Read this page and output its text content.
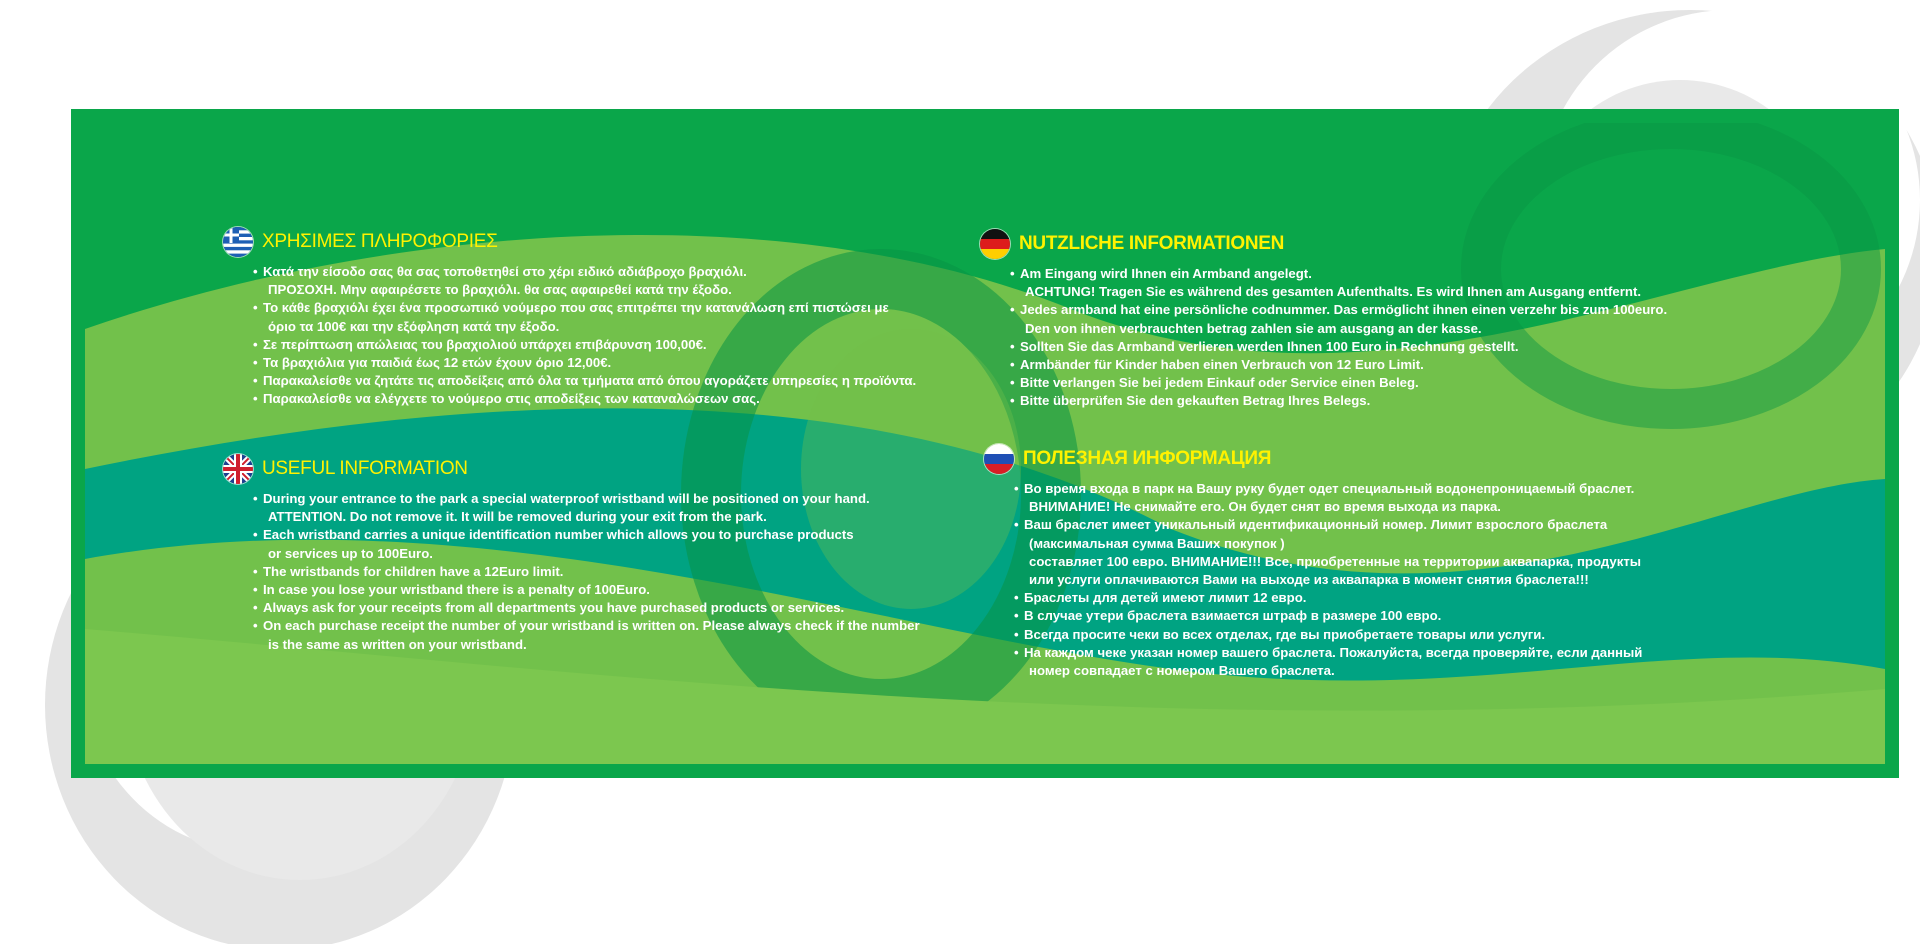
ΧΡΗΣΙΜΕΣ ΠΛΗΡΟΦΟΡΙΕΣ
• Κατά την είσοδο σας θα σας τοποθετηθεί στο χέρι ειδικό αδιάβροχο βραχιόλι.
ΠΡΟΣΟΧΗ. Μην αφαιρέσετε το βραχιόλι. θα σας αφαιρεθεί κατά την έξοδο.
• Το κάθε βραχιόλι έχει ένα προσωπικό νούμερο που σας επιτρέπει την κατανάλωση επί πιστώσει με
όριο τα 100€ και την εξόφληση κατά την έξοδο.
• Σε περίπτωση απώλειας του βραχιολιού υπάρχει επιβάρυνση 100,00€.
• Τα βραχιόλια για παιδιά έως 12 ετών έχουν όριο 12,00€.
• Παρακαλείσθε να ζητάτε τις αποδείξεις από όλα τα τμήματα από όπου αγοράζετε υπηρεσίες η προϊόντα.
• Παρακαλείσθε να ελέγχετε το νούμερο στις αποδείξεις των καταναλώσεων σας.
USEFUL INFORMATION
• During your entrance to the park a special waterproof wristband will be positioned on your hand.
ATTENTION. Do not remove it. It will be removed during your exit from the park.
• Each wristband carries a unique identification number which allows you to purchase products
or services up to 100Euro.
• The wristbands for children have a 12Euro limit.
• In case you lose your wristband there is a penalty of 100Euro.
• Always ask for your receipts from all departments you have purchased products or services.
• On each purchase receipt the number of your wristband is written on. Please always check if the number
is the same as written on your wristband.
NUTZLICHE INFORMATIONEN
• Am Eingang wird Ihnen ein Armband angelegt.
ACHTUNG! Tragen Sie es während des gesamten Aufenthalts. Es wird Ihnen am Ausgang entfernt.
• Jedes armband hat eine persönliche codnummer. Das ermöglicht ihnen einen verzehr bis zum 100euro.
Den von ihnen verbrauchten betrag zahlen sie am ausgang an der kasse.
• Sollten Sie das Armband verlieren werden Ihnen 100 Euro in Rechnung gestellt.
• Armbänder für Kinder haben einen Verbrauch von 12 Euro Limit.
• Bitte verlangen Sie bei jedem Einkauf oder Service einen Beleg.
• Bitte überprüfen Sie den gekauften Betrag Ihres Belegs.
ПОЛЕЗНАЯ ИНФОРМАЦИЯ
• Во время входа в парк на Вашу руку будет одет специальный водонепроницаемый браслет.
ВНИМАНИЕ! Не снимайте его. Он будет снят во время выхода из парка.
• Ваш браслет имеет уникальный идентификационный номер. Лимит взрослого браслета
(максимальная сумма Ваших покупок )
составляет 100 евро. ВНИМАНИЕ!!! Все, приобретенные на территории аквапарка, продукты
или услуги оплачиваются Вами на выходе из аквапарка в момент снятия браслета!!!
• Браслеты для детей имеют лимит 12 евро.
• В случае утери браслета взимается штраф в размере 100 евро.
• Всегда просите чеки во всех отделах, где вы приобретаете товары или услуги.
• На каждом чеке указан номер вашего браслета. Пожалуйста, всегда проверяйте, если данный
номер совпадает с номером Вашего браслета.
